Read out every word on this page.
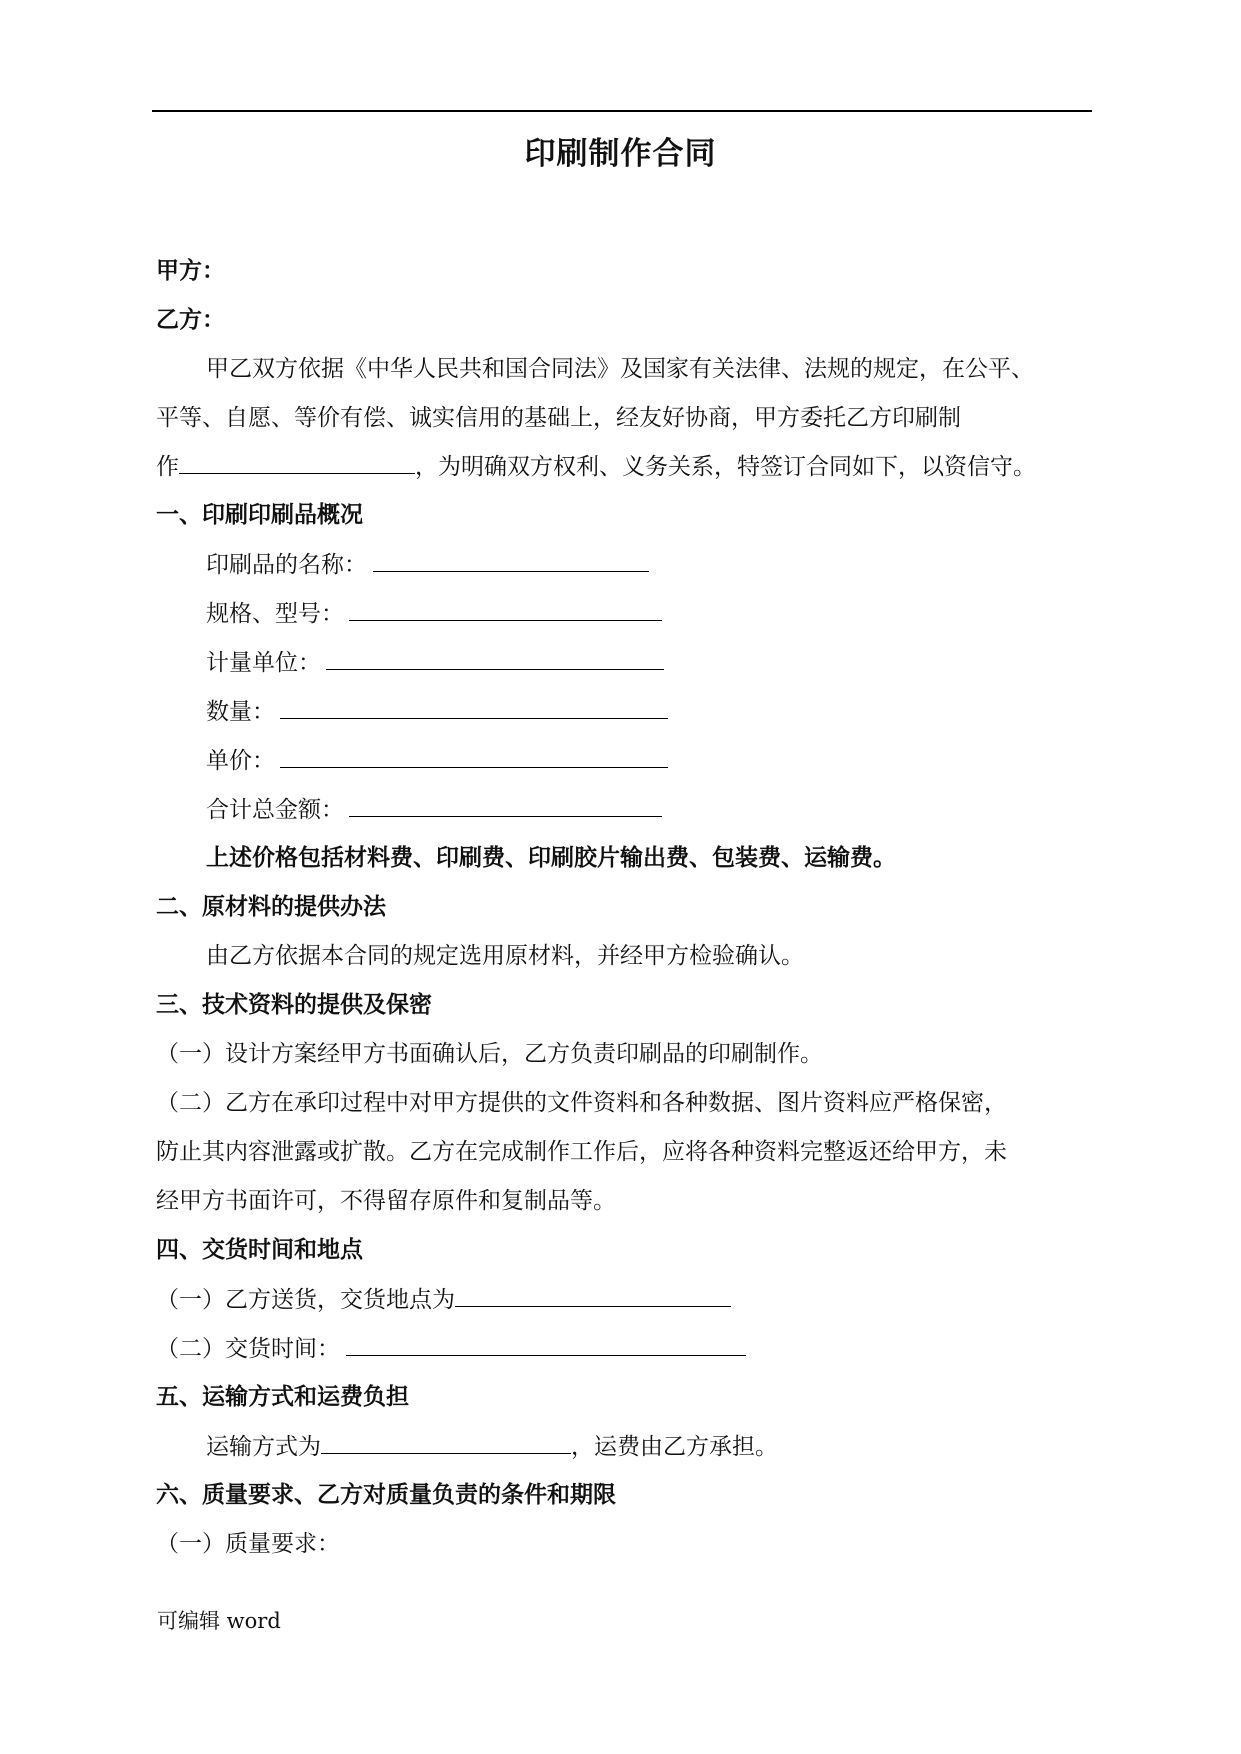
印刷制作合同
甲方：
乙方：
甲乙双方依据《中华人民共和国合同法》及国家有关法律、法规的规定，在公平、
平等、自愿、等价有偿、诚实信用的基础上，经友好协商，甲方委托乙方印刷制
作	，为明确双方权利、义务关系，特签订合同如下，以资信守。
一、印刷印刷品概况
印刷品的名称：
规格、型号：
计量单位：
数量：
单价：
合计总金额：
上述价格包括材料费、印刷费、印刷胶片输出费、包装费、运输费。
二、原材料的提供办法
由乙方依据本合同的规定选用原材料，并经甲方检验确认。
三、技术资料的提供及保密
（一）设计方案经甲方书面确认后，乙方负责印刷品的印刷制作。
（二）乙方在承印过程中对甲方提供的文件资料和各种数据、图片资料应严格保密，
防止其内容泄露或扩散。乙方在完成制作工作后，应将各种资料完整返还给甲方，未
经甲方书面许可，不得留存原件和复制品等。
四、交货时间和地点
（一）乙方送货，交货地点为
（二）交货时间：
五、运输方式和运费负担
运输方式为	，运费由乙方承担。
六、质量要求、乙方对质量负责的条件和期限
（一）质量要求：
可编辑 word
